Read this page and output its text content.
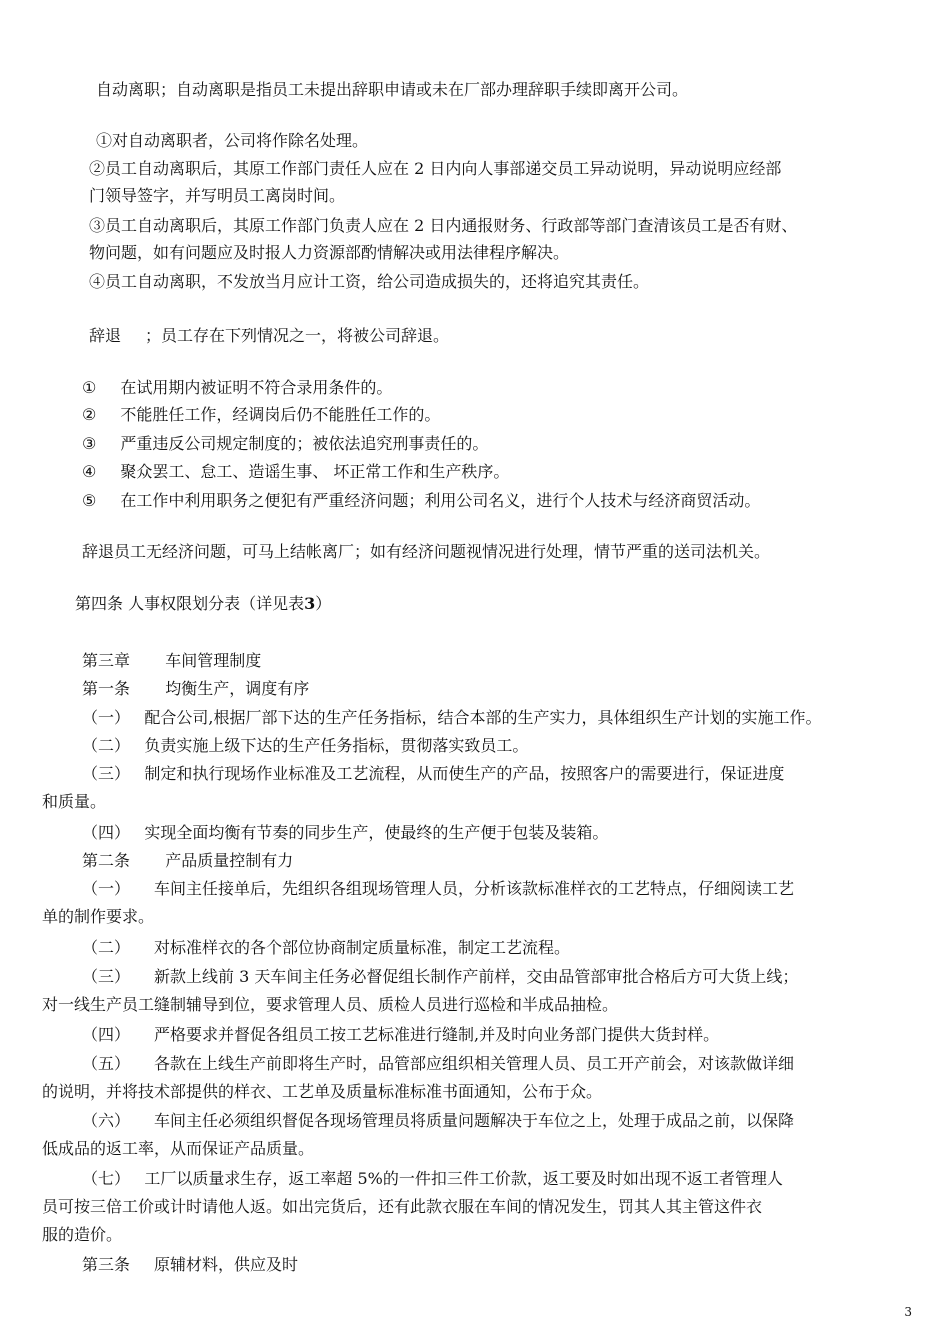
自动离职；自动离职是指员工未提出辞职申请或未在厂部办理辞职手续即离开公司。
①对自动离职者，公司将作除名处理。
②员工自动离职后，其原工作部门责任人应在 2 日内向人事部递交员工异动说明，异动说明应经部
门领导签字，并写明员工离岗时间。
③员工自动离职后，其原工作部门负责人应在 2 日内通报财务、行政部等部门查清该员工是否有财、
物问题，如有问题应及时报人力资源部酌情解决或用法律程序解决。
④员工自动离职，不发放当月应计工资，给公司造成损失的，还将追究其责任。
辞退 ；员工存在下列情况之一，将被公司辞退。
① 在试用期内被证明不符合录用条件的。
② 不能胜任工作，经调岗后仍不能胜任工作的。
③ 严重违反公司规定制度的；被依法追究刑事责任的。
④ 聚众罢工、怠工、造谣生事、 坏正常工作和生产秩序。
⑤ 在工作中利用职务之便犯有严重经济问题；利用公司名义，进行个人技术与经济商贸活动。
辞退员工无经济问题，可马上结帐离厂；如有经济问题视情况进行处理，情节严重的送司法机关。
第四条 人事权限划分表（详见表3）
第三章 车间管理制度
第一条 均衡生产，调度有序
（一） 配合公司,根据厂部下达的生产任务指标，结合本部的生产实力，具体组织生产计划的实施工作。
（二） 负责实施上级下达的生产任务指标，贯彻落实致员工。
（三） 制定和执行现场作业标准及工艺流程，从而使生产的产品，按照客户的需要进行，保证进度
和质量。
（四） 实现全面均衡有节奏的同步生产，使最终的生产便于包装及装箱。
第二条 产品质量控制有力
（一） 车间主任接单后，先组织各组现场管理人员，分析该款标准样衣的工艺特点，仔细阅读工艺
单的制作要求。
（二） 对标准样衣的各个部位协商制定质量标准，制定工艺流程。
（三） 新款上线前 3 天车间主任务必督促组长制作产前样，交由品管部审批合格后方可大货上线；
对一线生产员工缝制辅导到位，要求管理人员、质检人员进行巡检和半成品抽检。
（四） 严格要求并督促各组员工按工艺标准进行缝制,并及时向业务部门提供大货封样。
（五） 各款在上线生产前即将生产时，品管部应组织相关管理人员、员工开产前会，对该款做详细
的说明，并将技术部提供的样衣、工艺单及质量标准标准书面通知，公布于众。
（六） 车间主任必须组织督促各现场管理员将质量问题解决于车位之上，处理于成品之前，以保降
低成品的返工率，从而保证产品质量。
（七） 工厂以质量求生存，返工率超 5%的一件扣三件工价款，返工要及时如出现不返工者管理人
员可按三倍工价或计时请他人返。如出完货后，还有此款衣服在车间的情况发生，罚其人其主管这件衣
服的造价。
第三条 原辅材料，供应及时
3
